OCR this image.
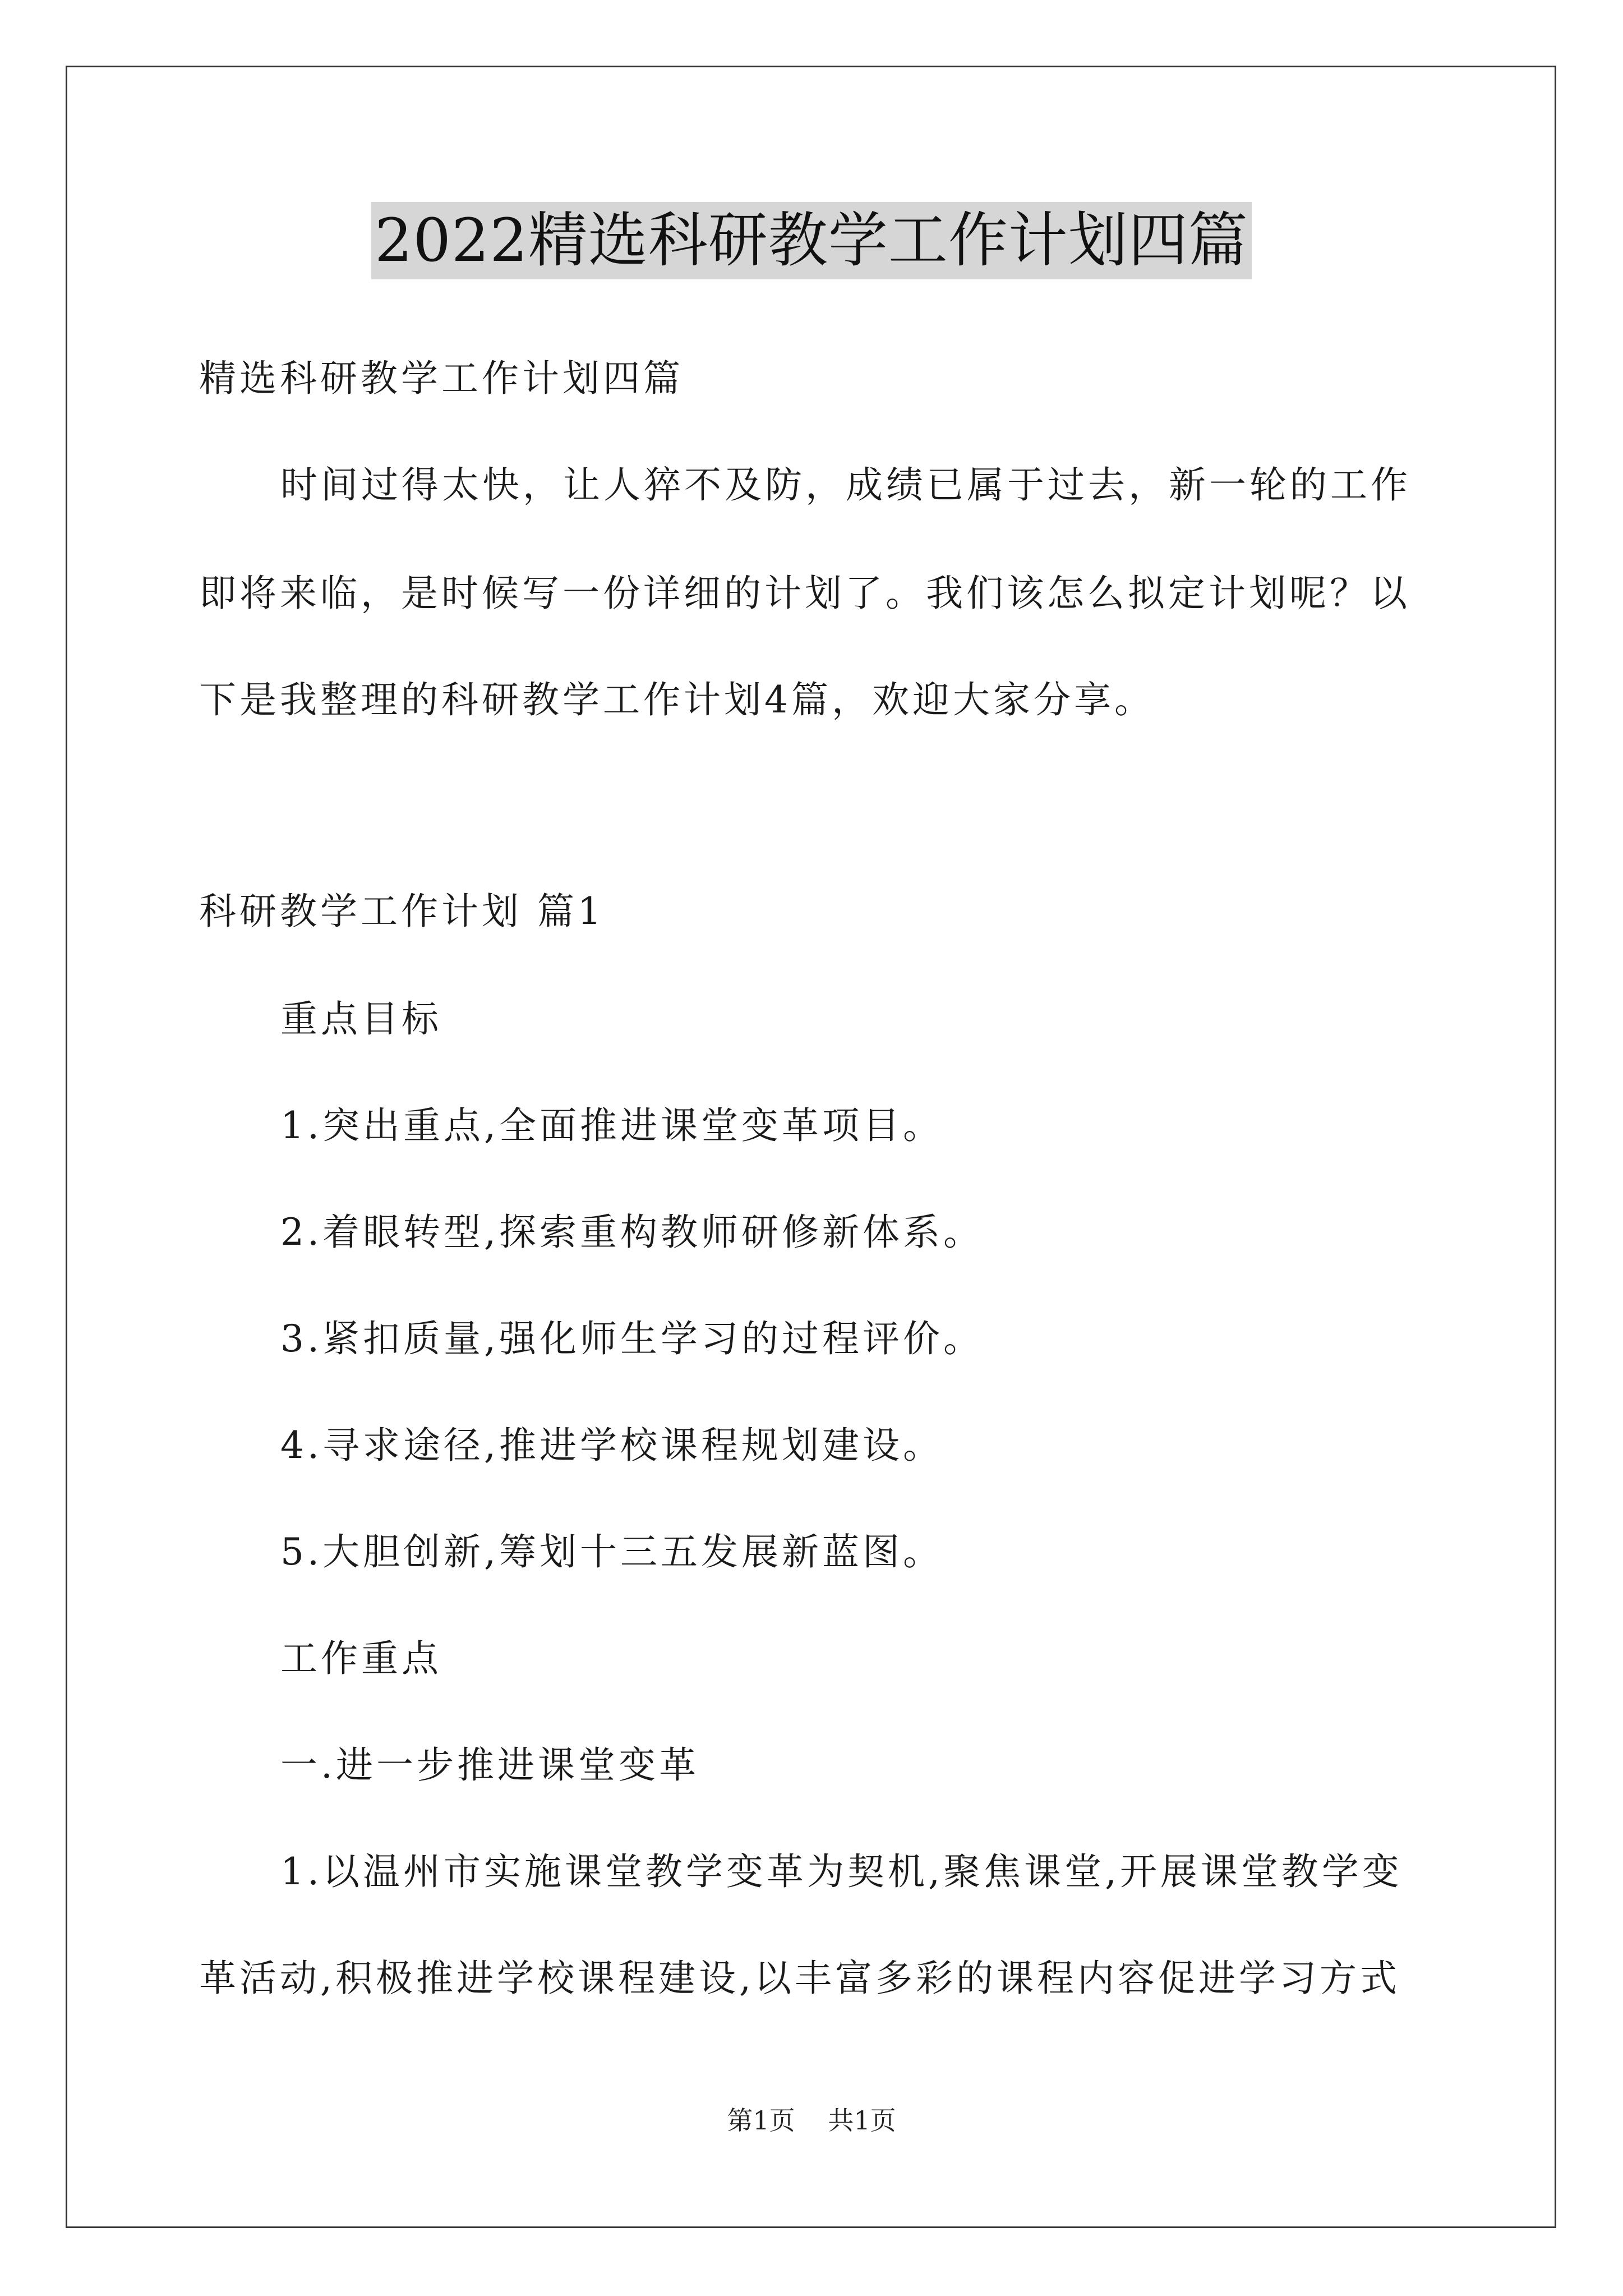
2022精选科研教学工作计划四篇
精选科研教学工作计划四篇
时间过得太快，让人猝不及防，成绩已属于过去，新一轮的工作
即将来临，是时候写一份详细的计划了。我们该怎么拟定计划呢？以
下是我整理的科研教学工作计划4篇，欢迎大家分享。
科研教学工作计划 篇1
重点目标
1.突出重点,全面推进课堂变革项目。
2.着眼转型,探索重构教师研修新体系。
3.紧扣质量,强化师生学习的过程评价。
4.寻求途径,推进学校课程规划建设。
5.大胆创新,筹划十三五发展新蓝图。
工作重点
一.进一步推进课堂变革
1.以温州市实施课堂教学变革为契机,聚焦课堂,开展课堂教学变
革活动,积极推进学校课程建设,以丰富多彩的课程内容促进学习方式
第1页 共1页
